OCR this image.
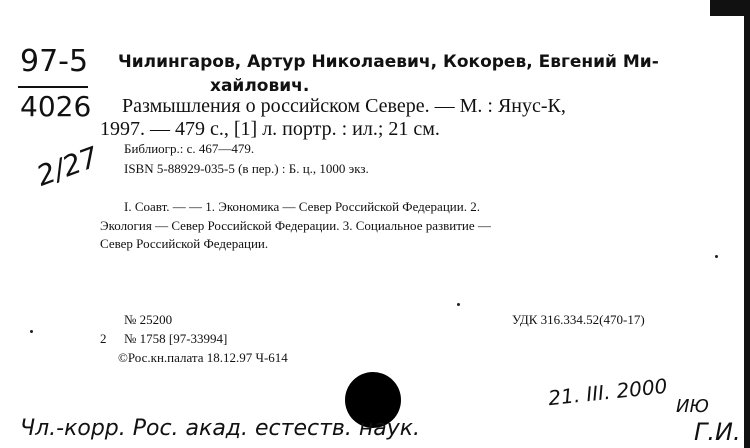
97-5
4026
2/27
Чилингаров, Артур Николаевич, Кокорев, Евгений Ми-
хайлович.
Размышления о российском Севере. — М. : Янус-К,
1997. — 479 с., [1] л. портр. : ил.; 21 см.
Библиогр.: с. 467—479.
ISBN 5-88929-035-5 (в пер.) : Б. ц., 1000 экз.
I. Соавт. — — 1. Экономика — Север Российской Федерации. 2.
Экология — Север Российской Федерации. 3. Социальное развитие —
Север Российской Федерации.
№ 25200
2 № 1758 [97-33994]
©Рос.кн.палата 18.12.97 Ч-614
УДК 316.334.52(470-17)
21. III. 2000 ИЮ
Чл.-корр. Рос. акад. естеств. наук.	Г.И.
